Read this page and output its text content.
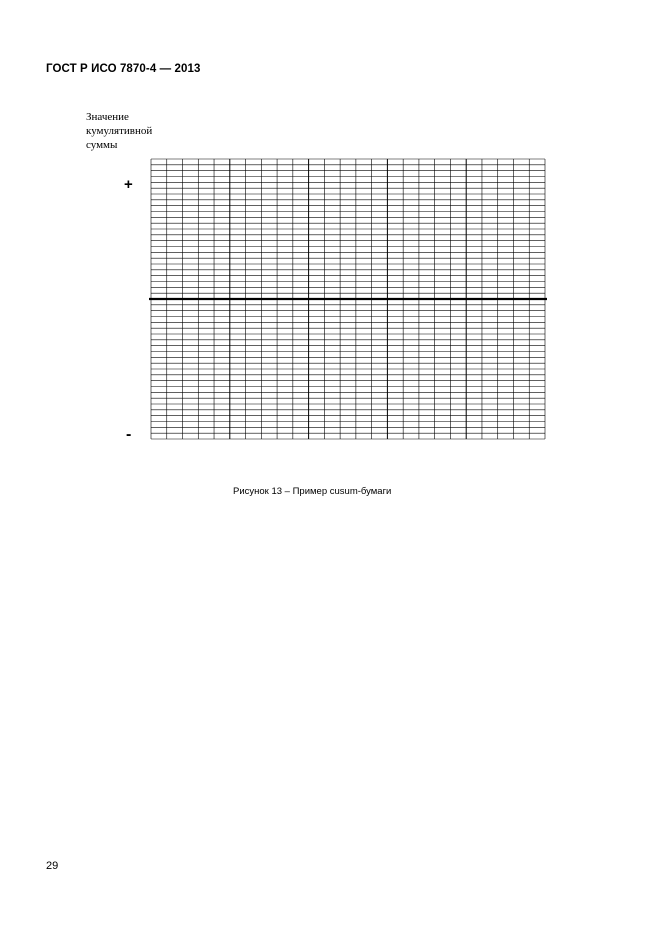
ГОСТ Р ИСО 7870-4 — 2013
Значение
кумулятивной
суммы
+
-
Рисунок 13 – Пример cusum-бумаги
29
